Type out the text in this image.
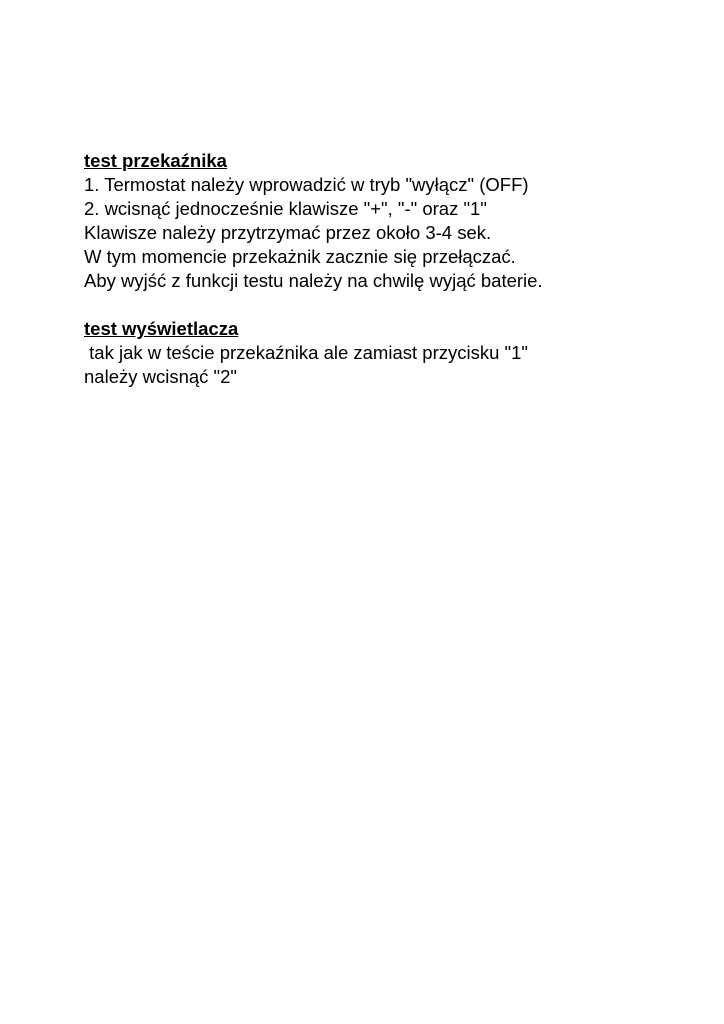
test przekaźnika
1. Termostat należy wprowadzić w tryb "wyłącz" (OFF)
2. wcisnąć jednocześnie klawisze "+", "-" oraz "1"
Klawisze należy przytrzymać przez około 3-4 sek.
W tym momencie przekażnik zacznie się przełączać.
Aby wyjść z funkcji testu należy na chwilę wyjąć baterie.
test wyświetlacza
tak jak w teście przekaźnika ale zamiast przycisku "1"
należy wcisnąć "2"
